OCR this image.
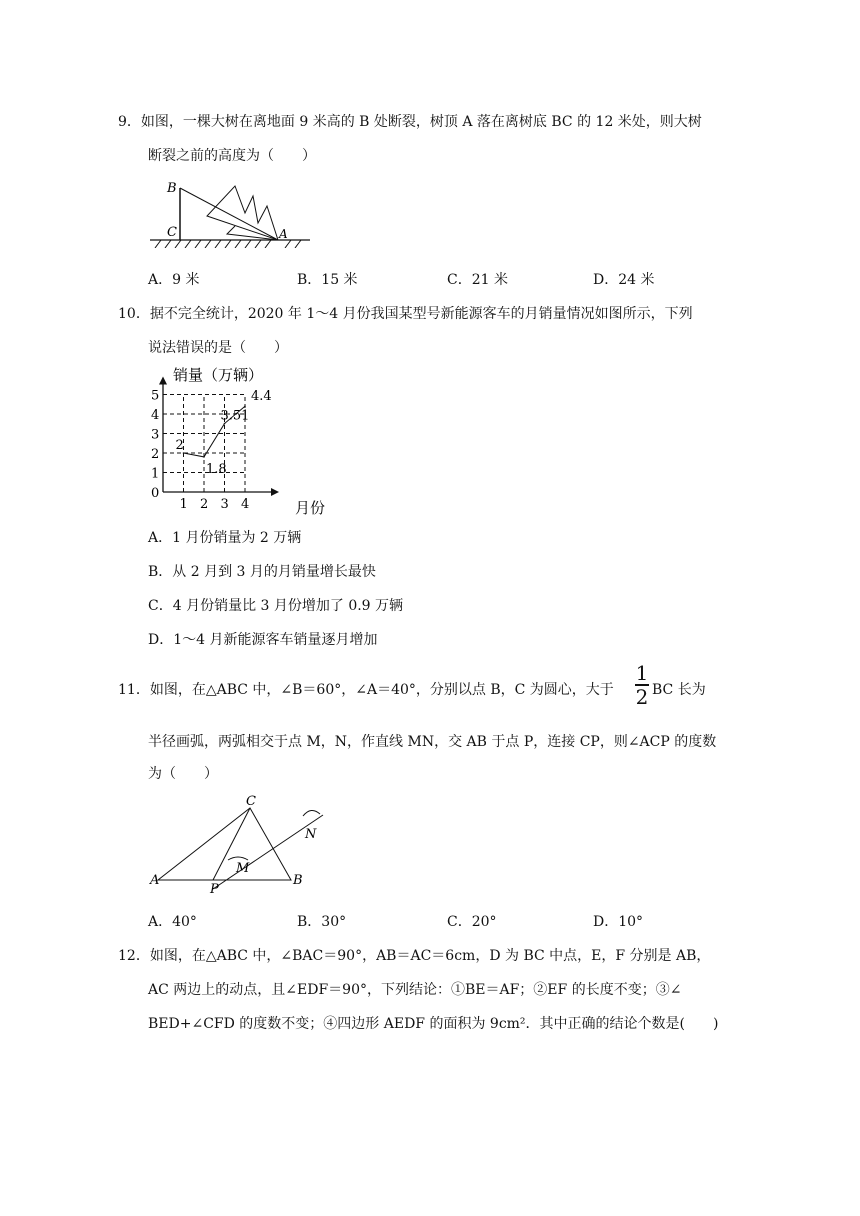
9．如图，一棵大树在离地面 9 米高的 B 处断裂，树顶 A 落在离树底 BC 的 12 米处，则大树
断裂之前的高度为（　　）
B
C	A
A．9 米	B．15 米	C．21 米	D．24 米
10．据不完全统计，2020 年 1～4 月份我国某型号新能源客车的月销量情况如图所示，下列
说法错误的是（　　）
0
1
2
3
4
5
1 2 3 4
2
1.8
3.51
4.4
销量（万辆）
月份
A．1 月份销量为 2 万辆
B．从 2 月到 3 月的月销量增长最快
C．4 月份销量比 3 月份增加了 0.9 万辆
D．1～4 月新能源客车销量逐月增加
11．如图，在△ABC 中，∠B＝60°，∠A＝40°，分别以点 B，C 为圆心，大于
1
2 BC 长为
半径画弧，两弧相交于点 M，N，作直线 MN，交 AB 于点 P，连接 CP，则∠ACP 的度数
为（　　）
C
A	B
P
M
N
A．40°	B．30°	C．20°	D．10°
12．如图，在△ABC 中，∠BAC＝90°，AB＝AC＝6cm，D 为 BC 中点，E，F 分别是 AB，
AC 两边上的动点，且∠EDF＝90°，下列结论：①BE＝AF；②EF 的长度不变；③∠
BED+∠CFD 的度数不变；④四边形 AEDF 的面积为 9cm²．其中正确的结论个数是(　　)
